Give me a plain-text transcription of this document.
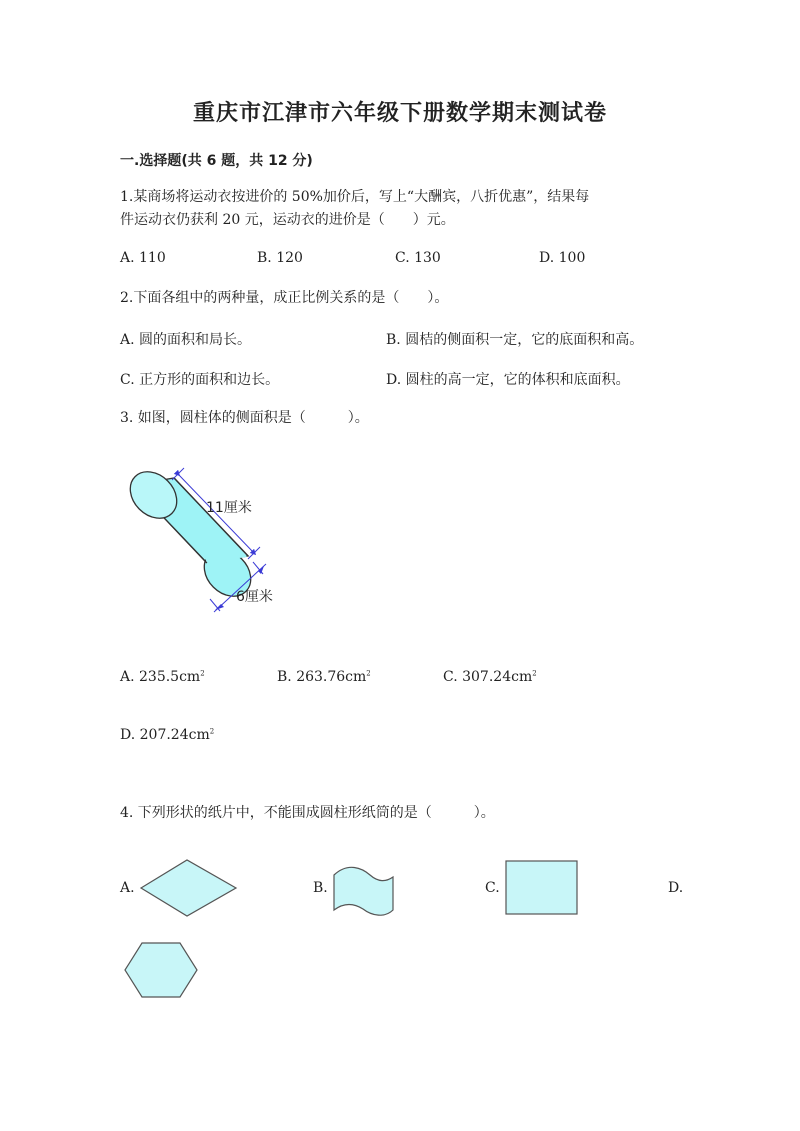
重庆市江津市六年级下册数学期末测试卷
一.选择题(共 6 题，共 12 分)
1.某商场将运动衣按进价的 50%加价后，写上“大酬宾，八折优惠”，结果每
件运动衣仍获利 20 元，运动衣的进价是（　　）元。
A. 110	B. 120	C. 130	D. 100
2.下面各组中的两种量，成正比例关系的是（　　）。
A. 圆的面积和局长。	B. 圆桔的侧面积一定，它的底面积和高。
C. 正方形的面积和边长。	D. 圆柱的高一定，它的体积和底面积。
3. 如图，圆柱体的侧面积是（　　　）。
11厘米
6厘米
A. $235.5cm^2$	B. $263.76cm^2$	C. $307.24cm^2$
D. $207.24cm^2$
4. 下列形状的纸片中，不能围成圆柱形纸筒的是（　　　）。
A.	B.	C.	D.
